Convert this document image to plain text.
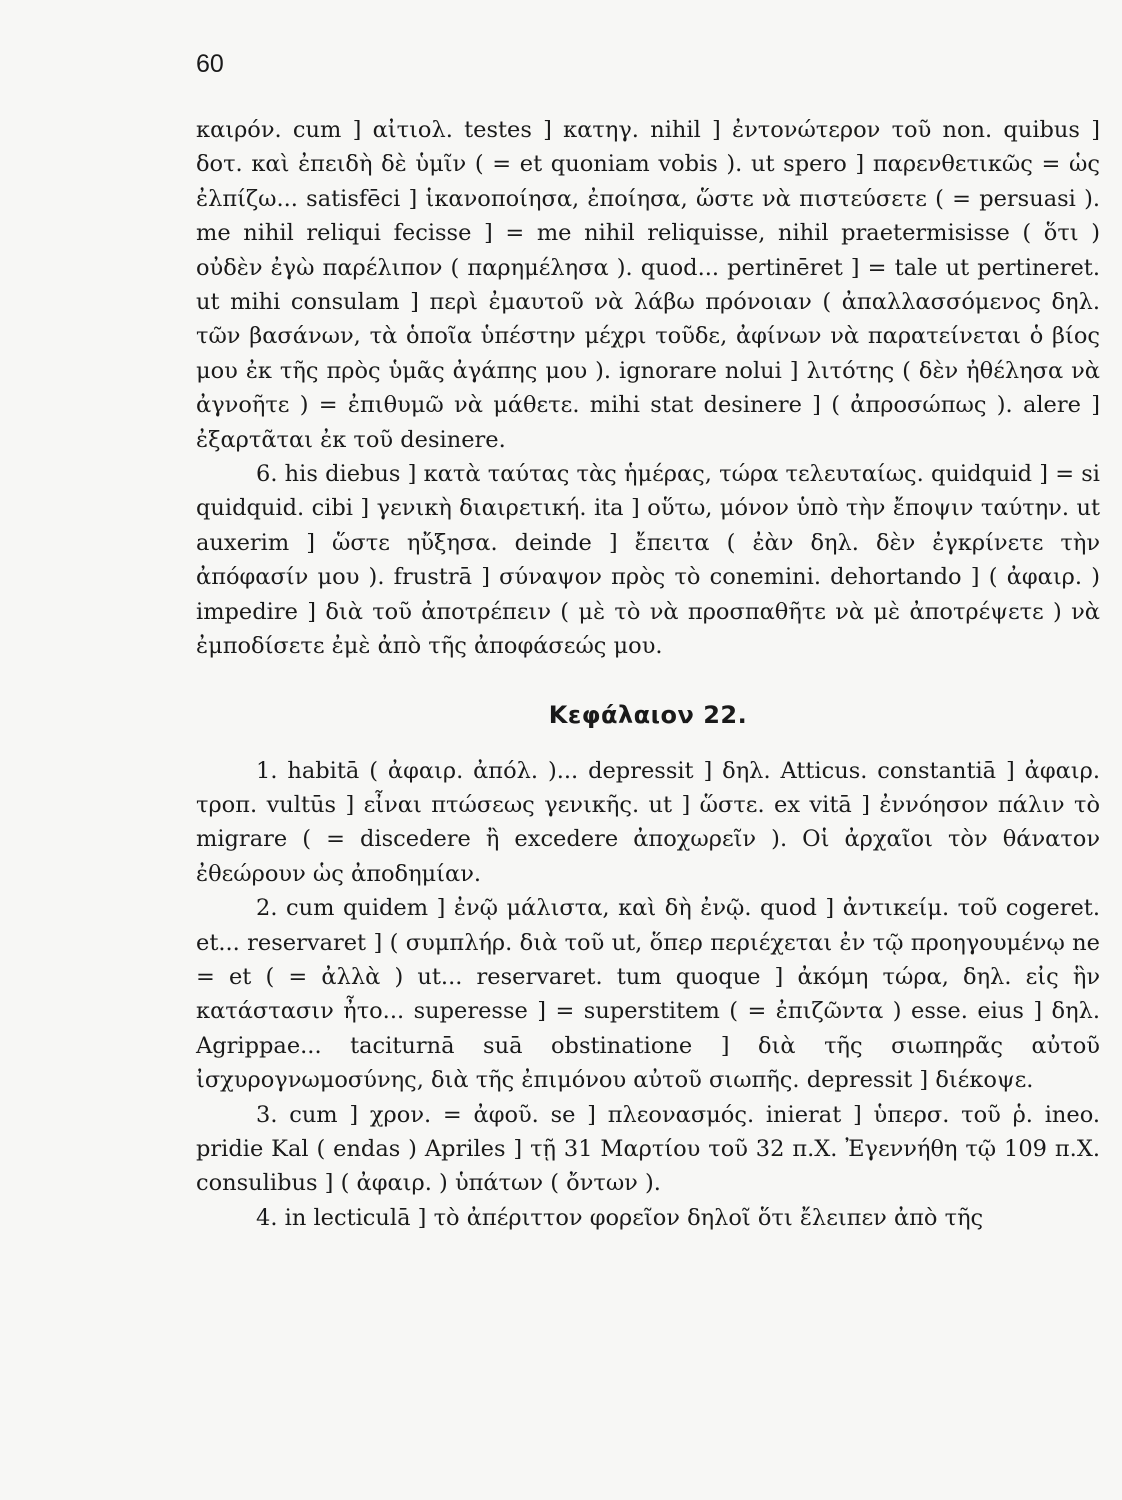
60

καιρόν. cum ] αἰτιολ. testes ] κατηγ. nihil ] ἐντονώτερον τοῦ non. quibus ] δοτ. καὶ ἐπειδὴ δὲ ὑμῖν ( = et quoniam vobis ). ut spero ] παρενθετικῶς = ὡς ἐλπίζω... satisfēci ] ἱκανοποίησα, ἐποίησα, ὥστε νὰ πιστεύσετε ( = persuasi ). me nihil reliqui fecisse ] = me nihil reliquisse, nihil praetermisisse ( ὅτι ) οὐδὲν ἐγὼ παρέλιπον ( παρημέλησα ). quod... pertinēret ] = tale ut pertineret. ut mihi consulam ] περὶ ἐμαυτοῦ νὰ λάβω πρόνοιαν ( ἀπαλλασσόμενος δηλ. τῶν βασάνων, τὰ ὁποῖα ὑπέστην μέχρι τοῦδε, ἀφίνων νὰ παρατείνεται ὁ βίος μου ἐκ τῆς πρὸς ὑμᾶς ἀγάπης μου ). ignorare nolui ] λιτότης ( δὲν ἠθέλησα νὰ ἀγνοῆτε ) = ἐπιθυμῶ νὰ μάθετε. mihi stat desinere ] ( ἀπροσώπως ). alere ] ἐξαρτᾶται ἐκ τοῦ desinere.

6. his diebus ] κατὰ ταύτας τὰς ἡμέρας, τώρα τελευταίως. quidquid ] = si quidquid. cibi ] γενικὴ διαιρετική. ita ] οὕτω, μόνον ὑπὸ τὴν ἔποψιν ταύτην. ut auxerim ] ὥστε ηὔξησα. deinde ] ἔπειτα ( ἐὰν δηλ. δὲν ἐγκρίνετε τὴν ἀπόφασίν μου ). frustrā ] σύναψον πρὸς τὸ conemini. dehortando ] ( ἀφαιρ. ) impedire ] διὰ τοῦ ἀποτρέπειν ( μὲ τὸ νὰ προσπαθῆτε νὰ μὲ ἀποτρέψετε ) νὰ ἐμποδίσετε ἐμὲ ἀπὸ τῆς ἀποφάσεώς μου.

Κεφάλαιον 22.

1. habitā ( ἀφαιρ. ἀπόλ. )... depressit ] δηλ. Atticus. constantiā ] ἀφαιρ. τροπ. vultūs ] εἶναι πτώσεως γενικῆς. ut ] ὥστε. ex vitā ] ἐννόησον πάλιν τὸ migrare ( = discedere ἢ excedere ἀποχωρεῖν ). Οἱ ἀρχαῖοι τὸν θάνατον ἐθεώρουν ὡς ἀποδημίαν.

2. cum quidem ] ἐνῷ μάλιστα, καὶ δὴ ἐνῷ. quod ] ἀντικείμ. τοῦ cogeret. et... reservaret ] ( συμπλήρ. διὰ τοῦ ut, ὅπερ περιέχεται ἐν τῷ προηγουμένῳ ne = et ( = ἀλλὰ ) ut... reservaret. tum quoque ] ἀκόμη τώρα, δηλ. εἰς ἣν κατάστασιν ἦτο... superesse ] = superstitem ( = ἐπιζῶντα ) esse. eius ] δηλ. Agrippae... taciturnā suā obstinatione ] διὰ τῆς σιωπηρᾶς αὐτοῦ ἰσχυρογνωμοσύνης, διὰ τῆς ἐπιμόνου αὐτοῦ σιωπῆς. depressit ] διέκοψε.

3. cum ] χρον. = ἀφοῦ. se ] πλεονασμός. inierat ] ὑπερσ. τοῦ ῥ. ineo. pridie Kal ( endas ) Apriles ] τῇ 31 Μαρτίου τοῦ 32 π.Χ. Ἐγεννήθη τῷ 109 π.Χ. consulibus ] ( ἀφαιρ. ) ὑπάτων ( ὄντων ).

4. in lecticulā ] τὸ ἀπέριττον φορεῖον δηλοῖ ὅτι ἔλειπεν ἀπὸ τῆς
